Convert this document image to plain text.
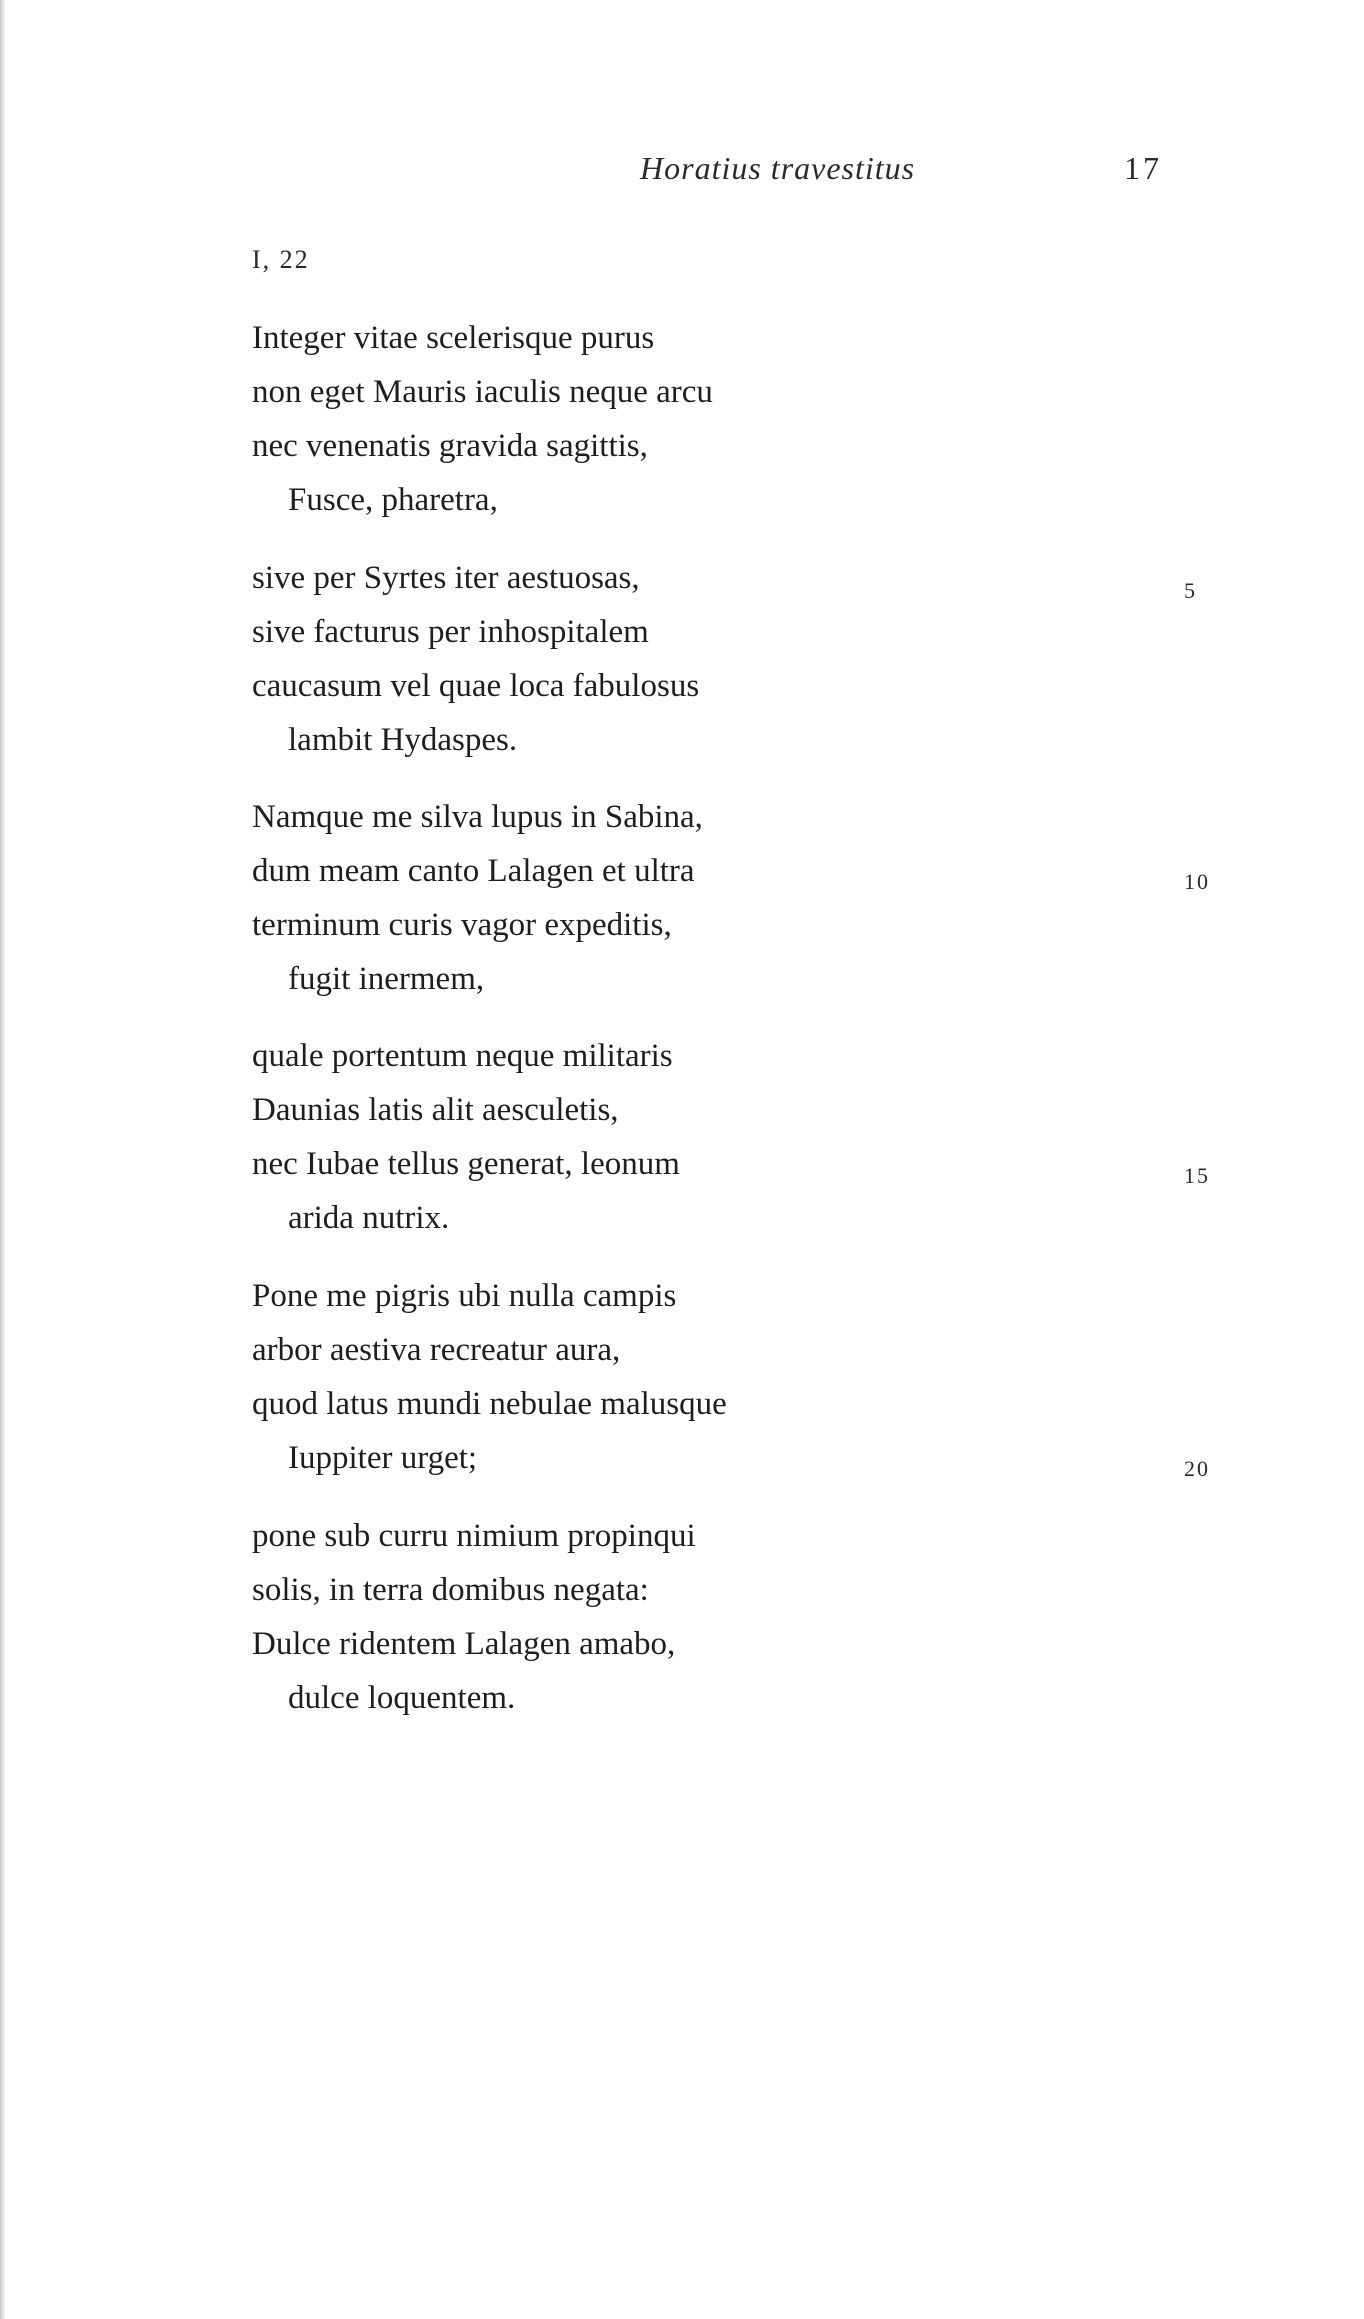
Horatius travestitus	17
I, 22
Integer vitae scelerisque purus
non eget Mauris iaculis neque arcu
nec venenatis gravida sagittis,
Fusce, pharetra,
sive per Syrtes iter aestuosas,
sive facturus per inhospitalem
caucasum vel quae loca fabulosus
lambit Hydaspes.
Namque me silva lupus in Sabina,
dum meam canto Lalagen et ultra
terminum curis vagor expeditis,
fugit inermem,
quale portentum neque militaris
Daunias latis alit aesculetis,
nec Iubae tellus generat, leonum
arida nutrix.
Pone me pigris ubi nulla campis
arbor aestiva recreatur aura,
quod latus mundi nebulae malusque
Iuppiter urget;
pone sub curru nimium propinqui
solis, in terra domibus negata:
Dulce ridentem Lalagen amabo,
dulce loquentem.
5
10
15
20
